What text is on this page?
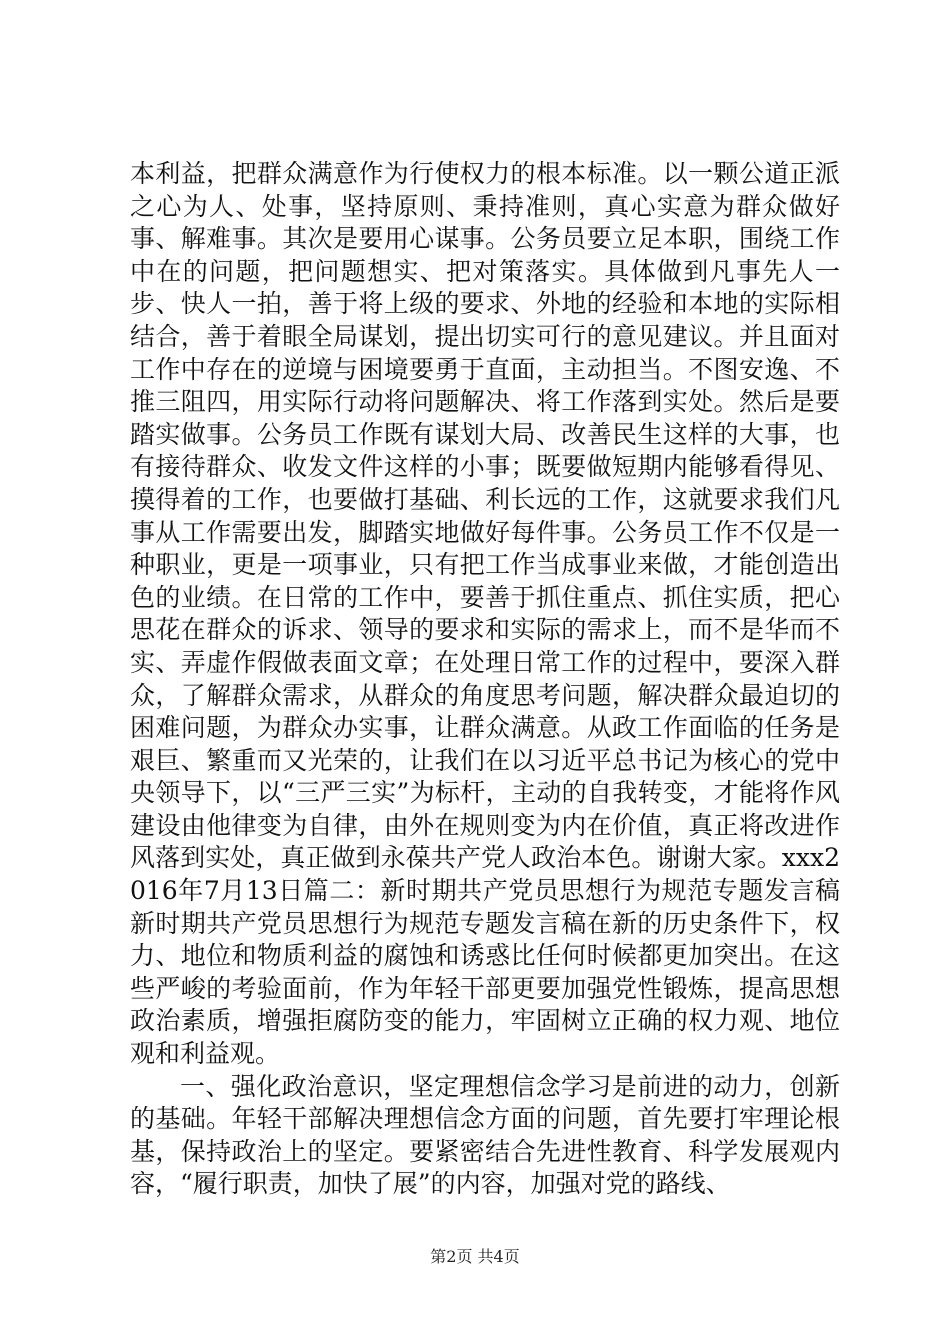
本利益，把群众满意作为行使权力的根本标准。以一颗公道正派之心为人、处事，坚持原则、秉持准则，真心实意为群众做好事、解难事。其次是要用心谋事。公务员要立足本职，围绕工作中在的问题，把问题想实、把对策落实。具体做到凡事先人一步、快人一拍，善于将上级的要求、外地的经验和本地的实际相结合，善于着眼全局谋划，提出切实可行的意见建议。并且面对工作中存在的逆境与困境要勇于直面，主动担当。不图安逸、不推三阻四，用实际行动将问题解决、将工作落到实处。然后是要踏实做事。公务员工作既有谋划大局、改善民生这样的大事，也有接待群众、收发文件这样的小事；既要做短期内能够看得见、摸得着的工作，也要做打基础、利长远的工作，这就要求我们凡事从工作需要出发，脚踏实地做好每件事。公务员工作不仅是一种职业，更是一项事业，只有把工作当成事业来做，才能创造出色的业绩。在日常的工作中，要善于抓住重点、抓住实质，把心思花在群众的诉求、领导的要求和实际的需求上，而不是华而不实、弄虚作假做表面文章；在处理日常工作的过程中，要深入群众，了解群众需求，从群众的角度思考问题，解决群众最迫切的困难问题，为群众办实事，让群众满意。从政工作面临的任务是艰巨、繁重而又光荣的，让我们在以习近平总书记为核心的党中央领导下，以“三严三实”为标杆，主动的自我转变，才能将作风建设由他律变为自律，由外在规则变为内在价值，真正将改进作风落到实处，真正做到永葆共产党人政治本色。谢谢大家。xxx2016年7月13日篇二：新时期共产党员思想行为规范专题发言稿新时期共产党员思想行为规范专题发言稿在新的历史条件下，权力、地位和物质利益的腐蚀和诱惑比任何时候都更加突出。在这些严峻的考验面前，作为年轻干部更要加强党性锻炼，提高思想政治素质，增强拒腐防变的能力，牢固树立正确的权力观、地位观和利益观。

一、强化政治意识，坚定理想信念学习是前进的动力，创新的基础。年轻干部解决理想信念方面的问题，首先要打牢理论根基，保持政治上的坚定。要紧密结合先进性教育、科学发展观内容，“履行职责，加快了展”的内容，加强对党的路线、

第2页 共4页
